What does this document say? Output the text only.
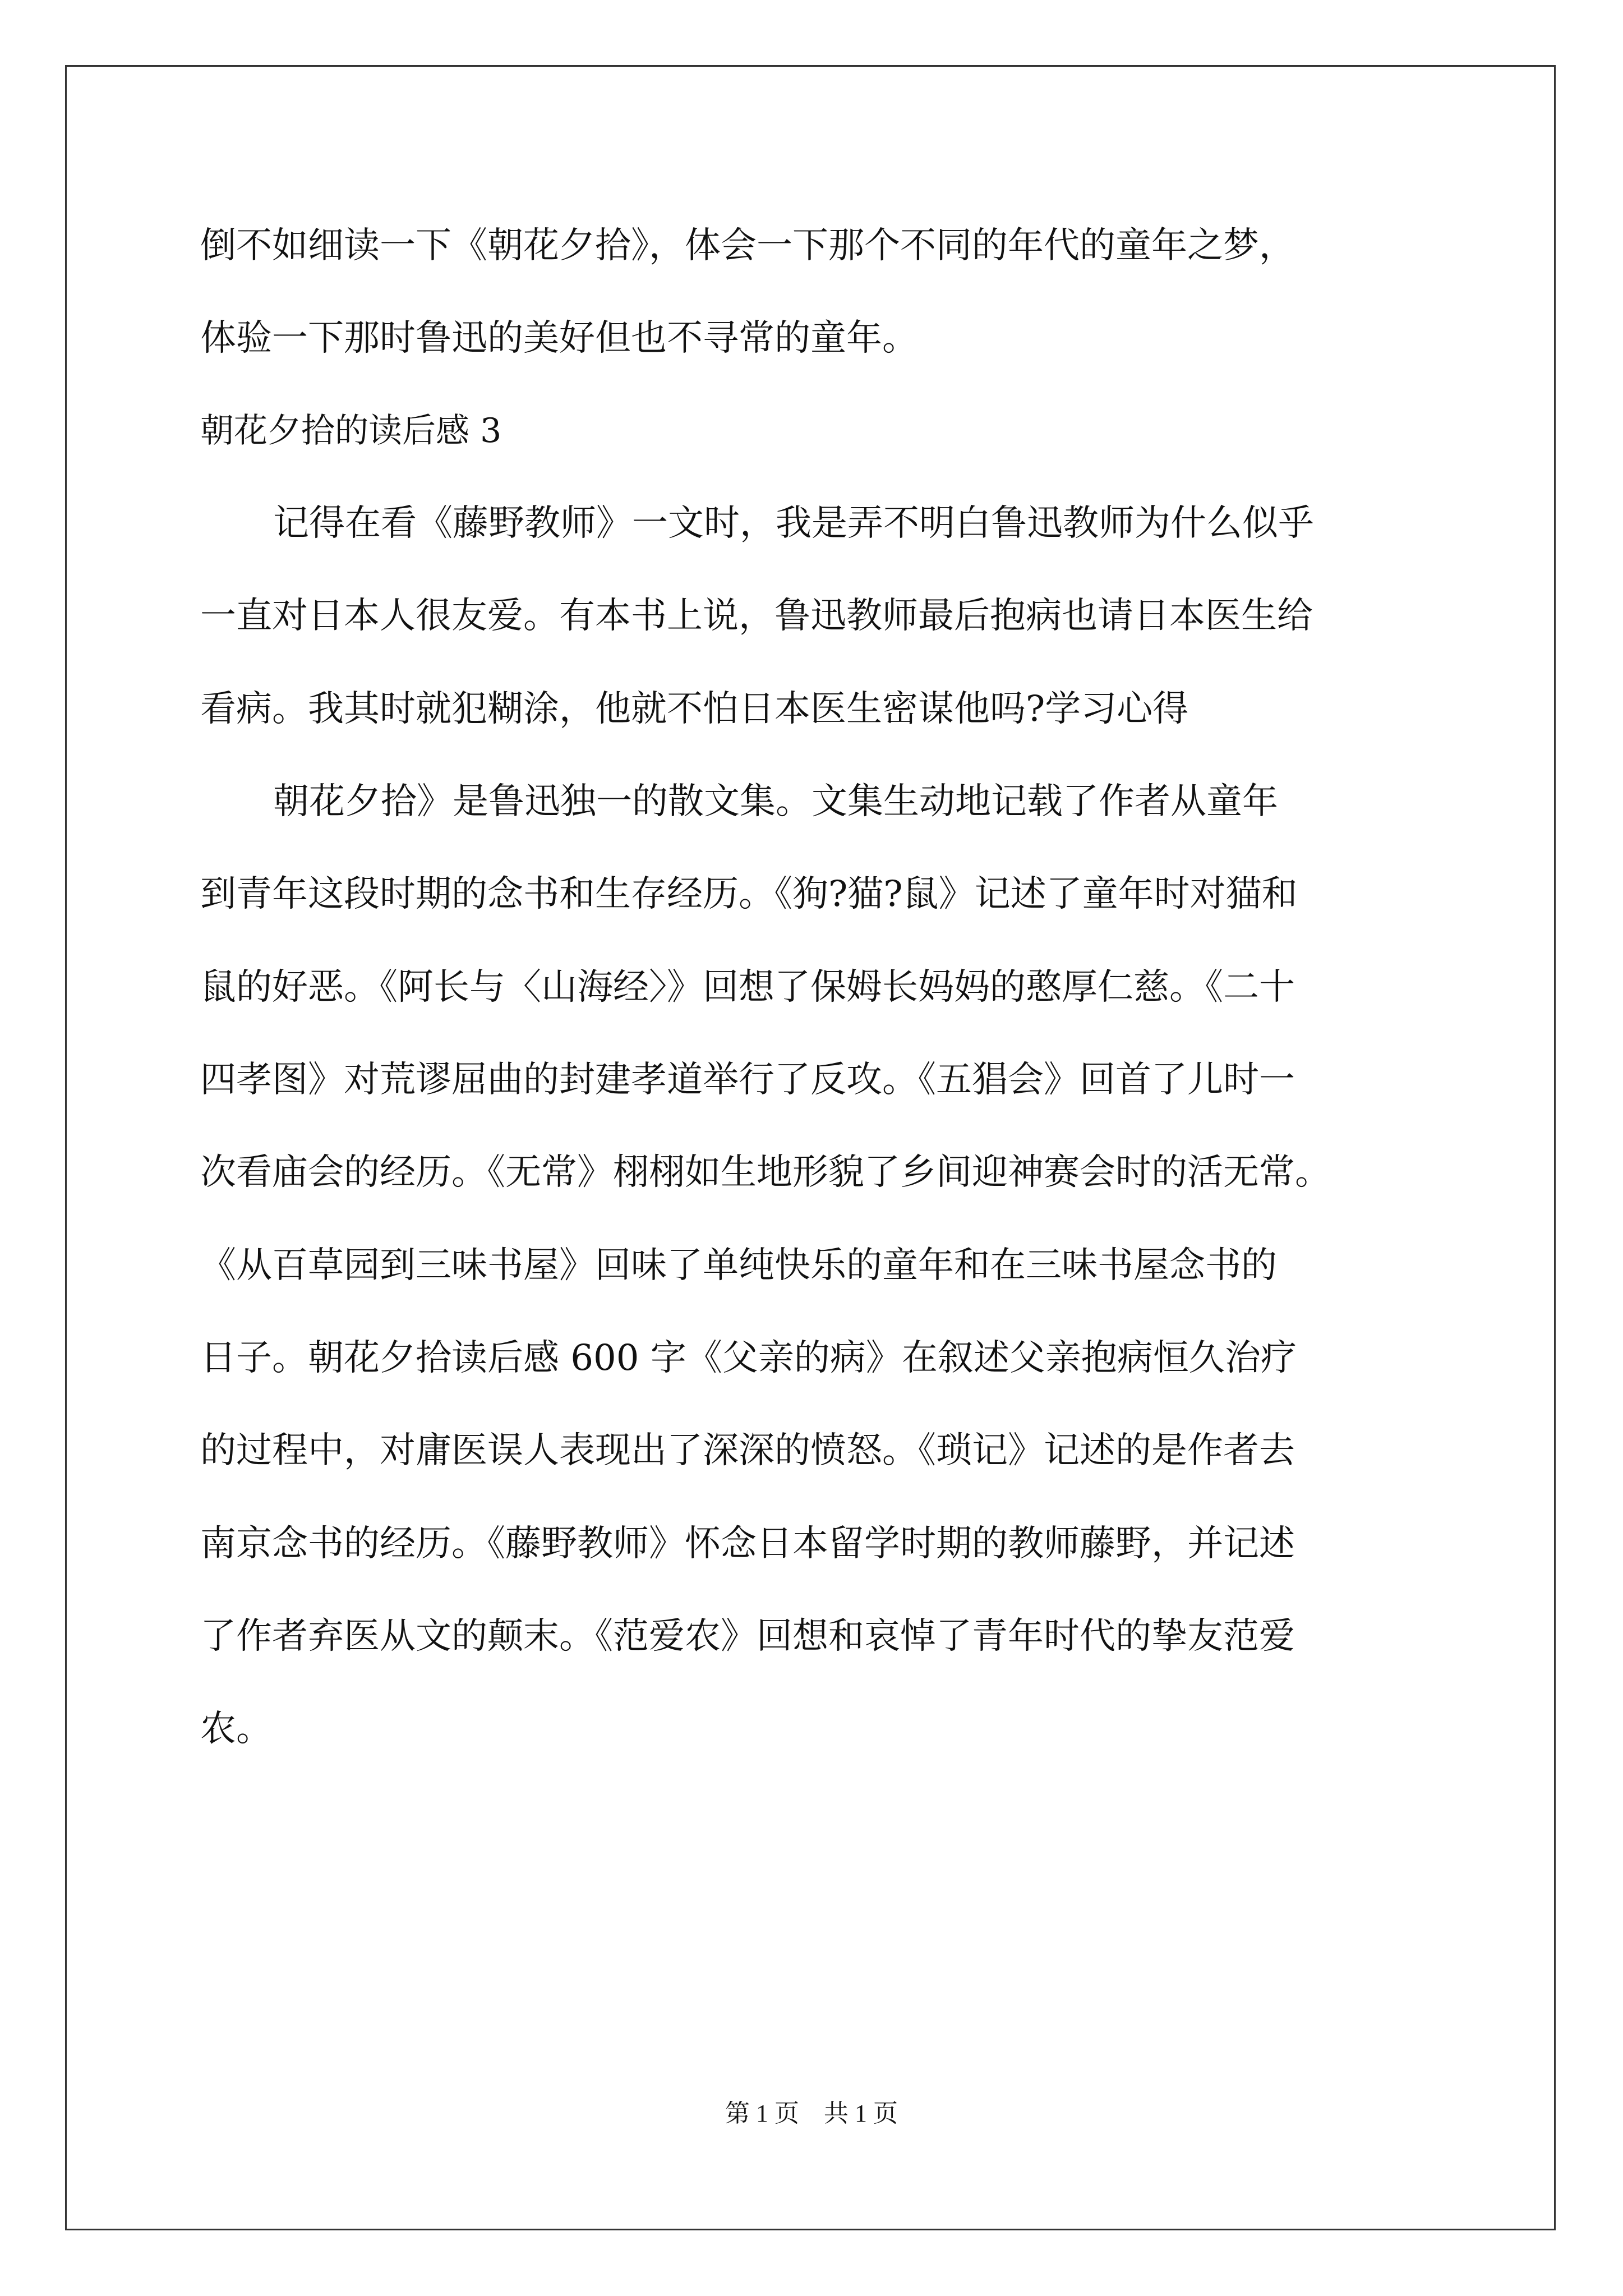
倒不如细读一下《朝花夕拾》，体会一下那个不同的年代的童年之梦，
体验一下那时鲁迅的美好但也不寻常的童年。
朝花夕拾的读后感 3
记得在看《藤野教师》一文时，我是弄不明白鲁迅教师为什么似乎
一直对日本人很友爱。有本书上说，鲁迅教师最后抱病也请日本医生给
看病。我其时就犯糊涂，他就不怕日本医生密谋他吗?学习心得
朝花夕拾》是鲁迅独一的散文集。文集生动地记载了作者从童年
到青年这段时期的念书和生存经历。《狗?猫?鼠》记述了童年时对猫和
鼠的好恶。《阿长与〈山海经〉》回想了保姆长妈妈的憨厚仁慈。《二十
四孝图》对荒谬屈曲的封建孝道举行了反攻。《五猖会》回首了儿时一
次看庙会的经历。《无常》栩栩如生地形貌了乡间迎神赛会时的活无常。
《从百草园到三味书屋》回味了单纯快乐的童年和在三味书屋念书的
日子。朝花夕拾读后感 600 字《父亲的病》在叙述父亲抱病恒久治疗
的过程中，对庸医误人表现出了深深的愤怒。《琐记》记述的是作者去
南京念书的经历。《藤野教师》怀念日本留学时期的教师藤野，并记述
了作者弃医从文的颠末。《范爱农》回想和哀悼了青年时代的挚友范爱
农。
第 1 页　共 1 页
